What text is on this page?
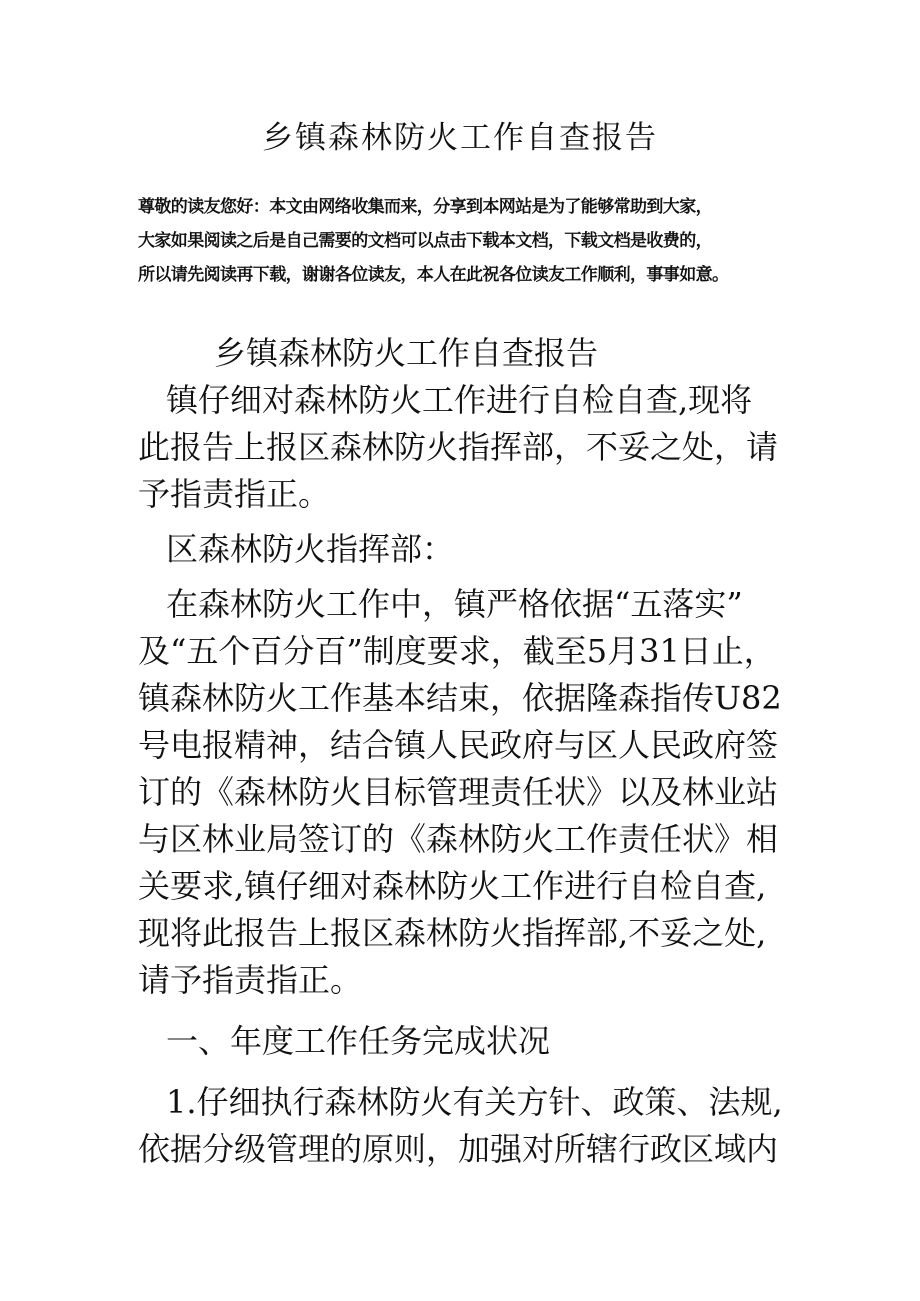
乡镇森林防火工作自查报告
尊敬的读友您好：本文由网络收集而来，分享到本网站是为了能够常助到大家，
大家如果阅读之后是自己需要的文档可以点击下载本文档，下载文档是收费的，
所以请先阅读再下载，谢谢各位读友，本人在此祝各位读友工作顺利，事事如意。
乡镇森林防火工作自查报告
镇仔细对森林防火工作进行自检自查,现将
此报告上报区森林防火指挥部，不妥之处，请
予指责指正。
区森林防火指挥部：
在森林防火工作中，镇严格依据“五落实”
及“五个百分百”制度要求，截至5月31日止，
镇森林防火工作基本结束，依据隆森指传U82
号电报精神，结合镇人民政府与区人民政府签
订的《森林防火目标管理责任状》以及林业站
与区林业局签订的《森林防火工作责任状》相
关要求,镇仔细对森林防火工作进行自检自查,
现将此报告上报区森林防火指挥部,不妥之处,
请予指责指正。
一、年度工作任务完成状况
1.仔细执行森林防火有关方针、政策、法规,
依据分级管理的原则，加强对所辖行政区域内
